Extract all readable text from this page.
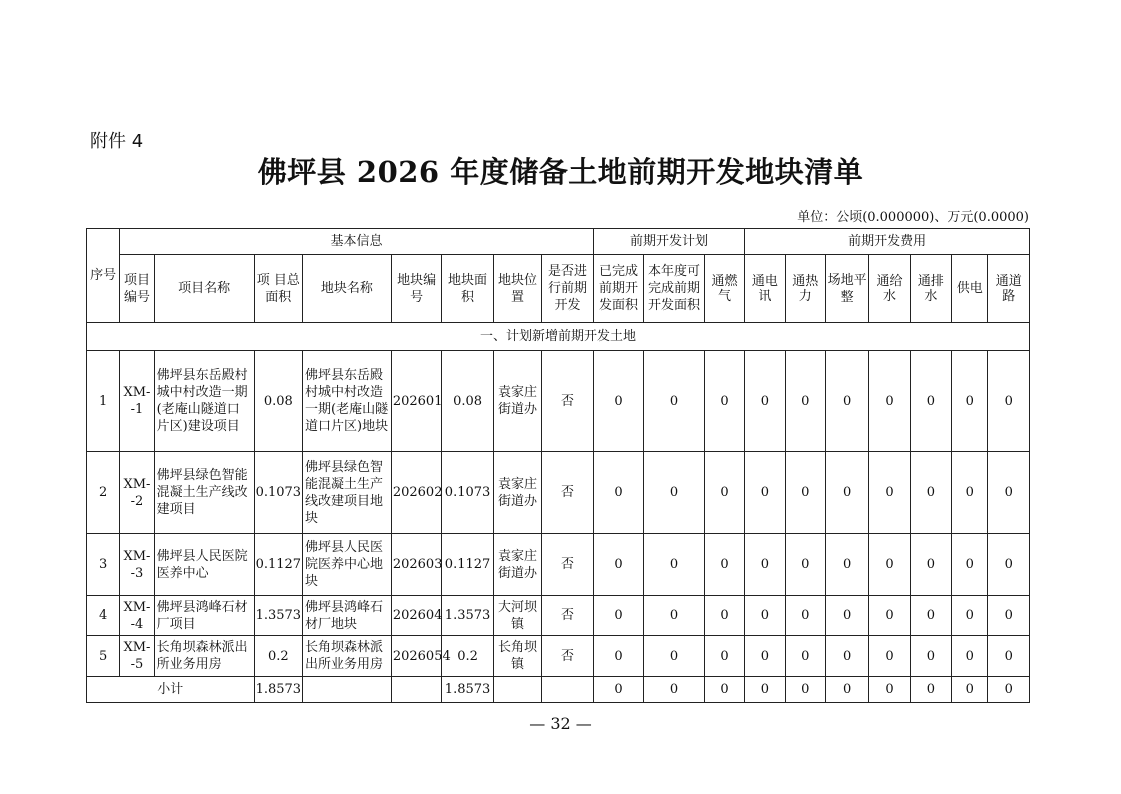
附件 4
佛坪县 2026 年度储备土地前期开发地块清单
单位：公顷(0.000000)、万元(0.0000)
序号	基本信息								前期开发计划			前期开发费用						
	项目编号	项目名称	项 目总面积	地块名称	地块编号	地块面积	地块位置	是否进行前期开发	已完成前期开发面积	本年度可完成前期开发面积	通燃气	通电讯	通热力	场地平整	通给水	通排水	供电	通道路
一、计划新增前期开发土地																		
1	XM--1	佛坪县东岳殿村城中村改造一期(老庵山隧道口片区)建设项目	0.08	佛坪县东岳殿村城中村改造一期(老庵山隧道口片区)地块	202601	0.08	袁家庄街道办	否	0	0	0	0	0	0	0	0	0	0
2	XM--2	佛坪县绿色智能混凝土生产线改建项目	0.1073	佛坪县绿色智能混凝土生产线改建项目地块	202602	0.1073	袁家庄街道办	否	0	0	0	0	0	0	0	0	0	0
3	XM--3	佛坪县人民医院医养中心	0.1127	佛坪县人民医院医养中心地块	202603	0.1127	袁家庄街道办	否	0	0	0	0	0	0	0	0	0	0
4	XM--4	佛坪县鸿峰石材厂项目	1.3573	佛坪县鸿峰石材厂地块	202604	1.3573	大河坝镇	否	0	0	0	0	0	0	0	0	0	0
5	XM--5	长角坝森林派出所业务用房	0.2	长角坝森林派出所业务用房	2026054	0.2	长角坝镇	否	0	0	0	0	0	0	0	0	0	0
小计			1.8573			1.8573			0	0	0	0	0	0	0	0	0	0
— 32 —
